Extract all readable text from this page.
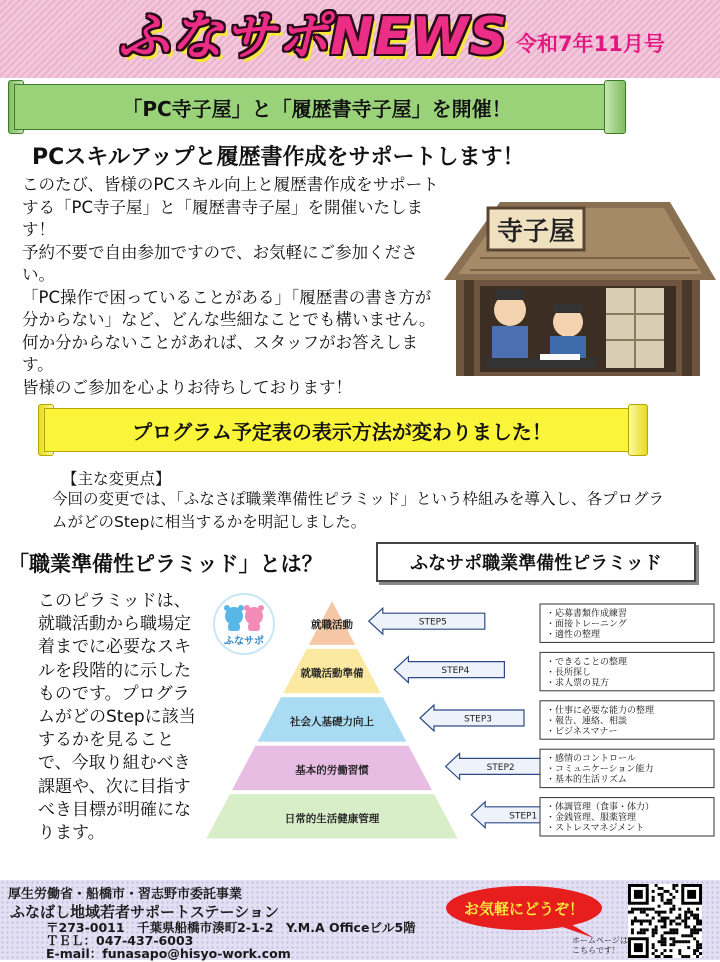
ふなサポNEWS 令和7年11月号
「PC寺子屋」と「履歴書寺子屋」を開催！
PCスキルアップと履歴書作成をサポートします！

このたび、皆様のPCスキル向上と履歴書作成をサポートする「PC寺子屋」と「履歴書寺子屋」を開催いたします！

予約不要で自由参加ですので、お気軽にご参加ください。

「PC操作で困っていることがある」「履歴書の書き方が分からない」など、どんな些細なことでも構いません。何か分からないことがあれば、スタッフがお答えします。

皆様のご参加を心よりお待ちしております！

寺子屋
プログラム予定表の表示方法が変わりました！
【主な変更点】
今回の変更では、「ふなさぽ職業準備性ピラミッド」という枠組みを導入し、各プログラムがどのStepに相当するかを明記しました。
「職業準備性ピラミッド」とは？	ふなサポ職業準備性ピラミッド
このピラミッドは、就職活動から職場定着までに必要なスキルを段階的に示したものです。プログラムがどのStepに該当するかを見ることで、今取り組むべき課題や、次に目指すべき目標が明確になります。
就職活動	STEP5
・応募書類作成練習
・面接トレーニング
・適性の整理
就職活動準備	STEP4
・できることの整理
・長所探し
・求人票の見方
社会人基礎力向上	STEP3
・仕事に必要な能力の整理
・報告、連絡、相談
・ビジネスマナー
基本的労働習慣	STEP2
・感情のコントロール
・コミュニケーション能力
・基本的生活リズム
日常的生活健康管理	STEP1
・体調管理（食事・体力）
・金銭管理、服薬管理
・ストレスマネジメント
ふなサポ
厚生労働省・船橋市・習志野市委託事業
ふなばし地域若者サポートステーション
〒273-0011　千葉県船橋市湊町2-1-2　Y.M.A Officeビル5階
ＴＥＬ：047-437-6003
E-mail：funasapo@hisyo-work.com
お気軽にどうぞ！
ホームページは
こちらです！
